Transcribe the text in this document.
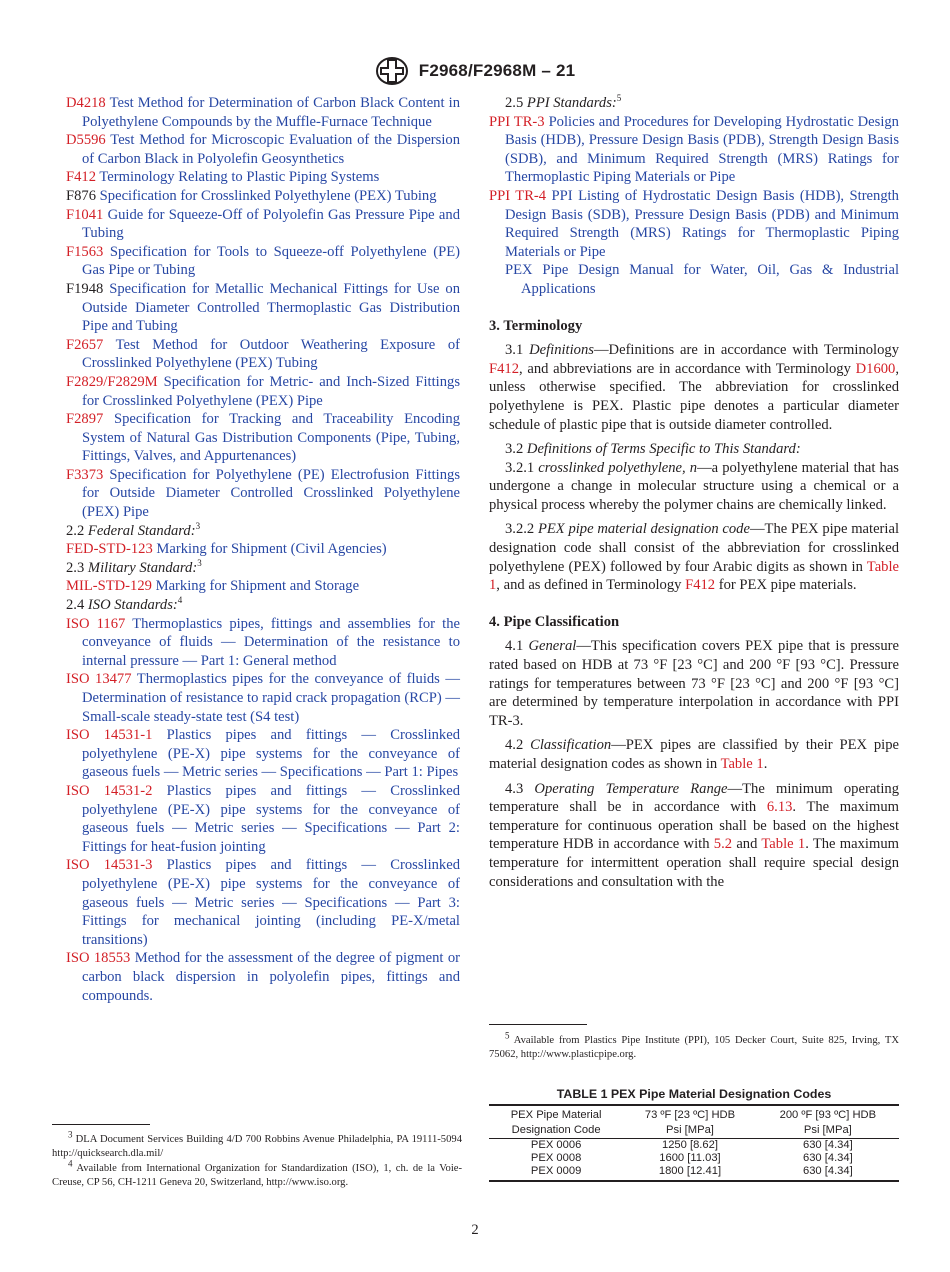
F2968/F2968M – 21

D4218 Test Method for Determination of Carbon Black Content in Polyethylene Compounds by the Muffle-Furnace Technique

D5596 Test Method for Microscopic Evaluation of the Dispersion of Carbon Black in Polyolefin Geosynthetics

F412 Terminology Relating to Plastic Piping Systems

F876 Specification for Crosslinked Polyethylene (PEX) Tubing

F1041 Guide for Squeeze-Off of Polyolefin Gas Pressure Pipe and Tubing

F1563 Specification for Tools to Squeeze-off Polyethylene (PE) Gas Pipe or Tubing

F1948 Specification for Metallic Mechanical Fittings for Use on Outside Diameter Controlled Thermoplastic Gas Distribution Pipe and Tubing

F2657 Test Method for Outdoor Weathering Exposure of Crosslinked Polyethylene (PEX) Tubing

F2829/F2829M Specification for Metric- and Inch-Sized Fittings for Crosslinked Polyethylene (PEX) Pipe

F2897 Specification for Tracking and Traceability Encoding System of Natural Gas Distribution Components (Pipe, Tubing, Fittings, Valves, and Appurtenances)

F3373 Specification for Polyethylene (PE) Electrofusion Fittings for Outside Diameter Controlled Crosslinked Polyethylene (PEX) Pipe

2.2 Federal Standard:$^3$

FED-STD-123 Marking for Shipment (Civil Agencies)

2.3 Military Standard:$^3$

MIL-STD-129 Marking for Shipment and Storage

2.4 ISO Standards:$^4$

ISO 1167 Thermoplastics pipes, fittings and assemblies for the conveyance of fluids — Determination of the resistance to internal pressure — Part 1: General method

ISO 13477 Thermoplastics pipes for the conveyance of fluids — Determination of resistance to rapid crack propagation (RCP) — Small-scale steady-state test (S4 test)

ISO 14531-1 Plastics pipes and fittings — Crosslinked polyethylene (PE-X) pipe systems for the conveyance of gaseous fuels — Metric series — Specifications — Part 1: Pipes

ISO 14531-2 Plastics pipes and fittings — Crosslinked polyethylene (PE-X) pipe systems for the conveyance of gaseous fuels — Metric series — Specifications — Part 2: Fittings for heat-fusion jointing

ISO 14531-3 Plastics pipes and fittings — Crosslinked polyethylene (PE-X) pipe systems for the conveyance of gaseous fuels — Metric series — Specifications — Part 3: Fittings for mechanical jointing (including PE-X/metal transitions)

ISO 18553 Method for the assessment of the degree of pigment or carbon black dispersion in polyolefin pipes, fittings and compounds.

2.5 PPI Standards:$^5$

PPI TR-3 Policies and Procedures for Developing Hydrostatic Design Basis (HDB), Pressure Design Basis (PDB), Strength Design Basis (SDB), and Minimum Required Strength (MRS) Ratings for Thermoplastic Piping Materials or Pipe

PPI TR-4 PPI Listing of Hydrostatic Design Basis (HDB), Strength Design Basis (SDB), Pressure Design Basis (PDB) and Minimum Required Strength (MRS) Ratings for Thermoplastic Piping Materials or Pipe

PEX Pipe Design Manual for Water, Oil, Gas & Industrial Applications

3. Terminology

3.1 Definitions—Definitions are in accordance with Terminology F412, and abbreviations are in accordance with Terminology D1600, unless otherwise specified. The abbreviation for crosslinked polyethylene is PEX. Plastic pipe denotes a particular diameter schedule of plastic pipe that is outside diameter controlled.

3.2 Definitions of Terms Specific to This Standard:

3.2.1 crosslinked polyethylene, n—a polyethylene material that has undergone a change in molecular structure using a chemical or a physical process whereby the polymer chains are chemically linked.

3.2.2 PEX pipe material designation code—The PEX pipe material designation code shall consist of the abbreviation for crosslinked polyethylene (PEX) followed by four Arabic digits as shown in Table 1, and as defined in Terminology F412 for PEX pipe materials.

4. Pipe Classification

4.1 General—This specification covers PEX pipe that is pressure rated based on HDB at 73 °F [23 °C] and 200 °F [93 °C]. Pressure ratings for temperatures between 73 °F [23 °C] and 200 °F [93 °C] are determined by temperature interpolation in accordance with PPI TR-3.

4.2 Classification—PEX pipes are classified by their PEX pipe material designation codes as shown in Table 1.

4.3 Operating Temperature Range—The minimum operating temperature shall be in accordance with 6.13. The maximum temperature for continuous operation shall be based on the highest temperature HDB in accordance with 5.2 and Table 1. The maximum temperature for intermittent operation shall require special design considerations and consultation with the

$^5$ Available from Plastics Pipe Institute (PPI), 105 Decker Court, Suite 825, Irving, TX 75062, http://www.plasticpipe.org.
TABLE 1 PEX Pipe Material Designation Codes
PEX Pipe Material	73 ºF [23 ºC] HDB	200 ºF [93 ºC] HDB
Designation Code	Psi [MPa]	Psi [MPa]
PEX 0006	1250 [8.62]	630 [4.34]
PEX 0008	1600 [11.03]	630 [4.34]
PEX 0009	1800 [12.41]	630 [4.34]
$^3$ DLA Document Services Building 4/D 700 Robbins Avenue Philadelphia, PA 19111-5094 http://quicksearch.dla.mil/
$^4$ Available from International Organization for Standardization (ISO), 1, ch. de la Voie-Creuse, CP 56, CH-1211 Geneva 20, Switzerland, http://www.iso.org.
2
